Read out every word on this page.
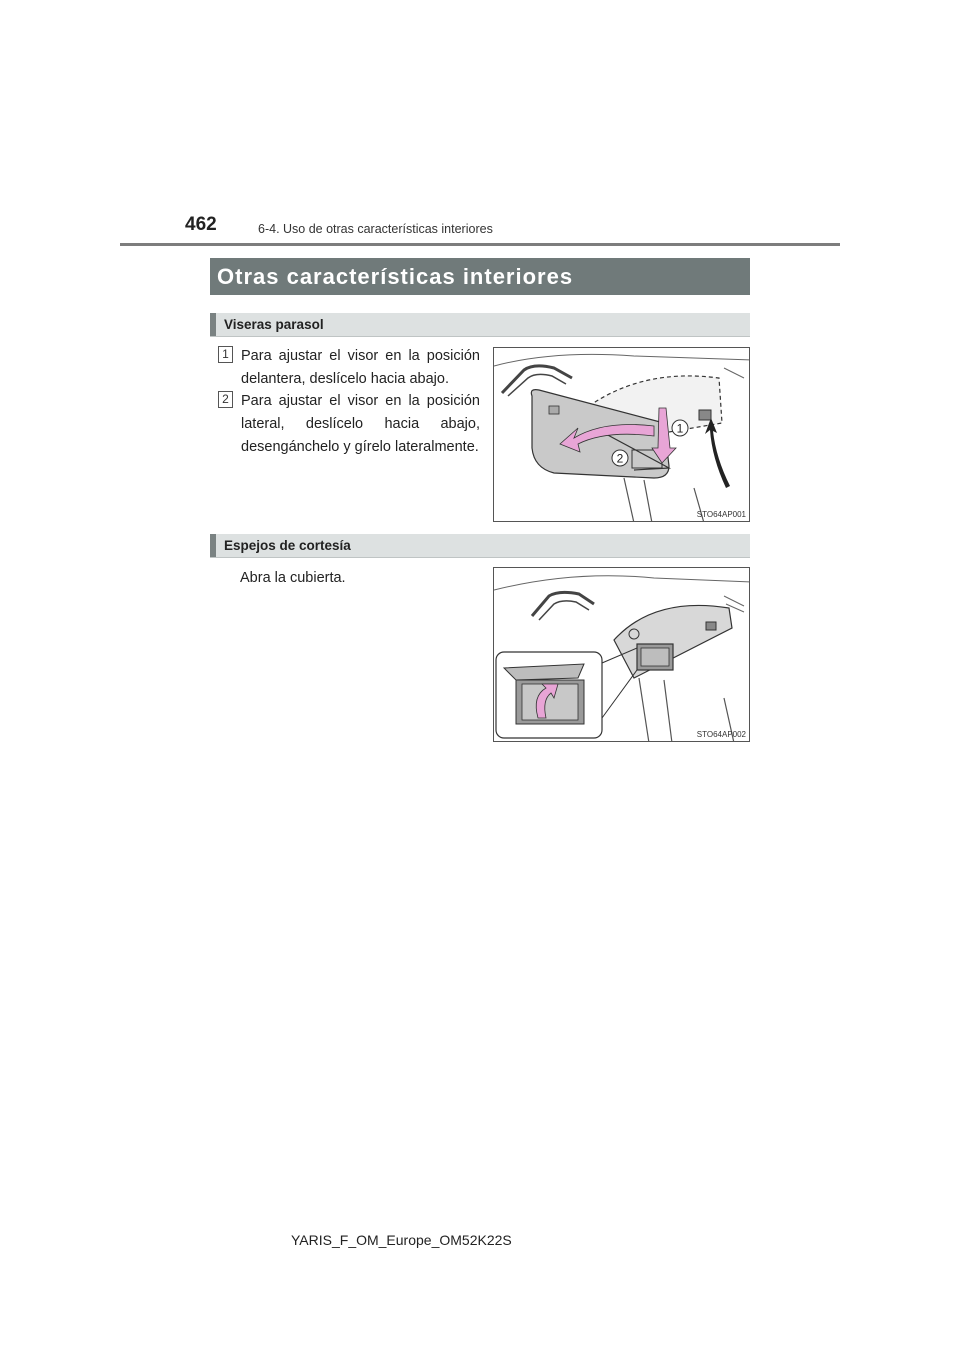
462	6-4. Uso de otras características interiores
Otras características interiores
Viseras parasol
1 Para ajustar el visor en la posición delantera, deslícelo hacia abajo.
2 Para ajustar el visor en la posición lateral, deslícelo hacia abajo, desengánchelo y gírelo lateralmente.
1
2
STO64AP001
Espejos de cortesía
Abra la cubierta.
STO64AP002
YARIS_F_OM_Europe_OM52K22S
